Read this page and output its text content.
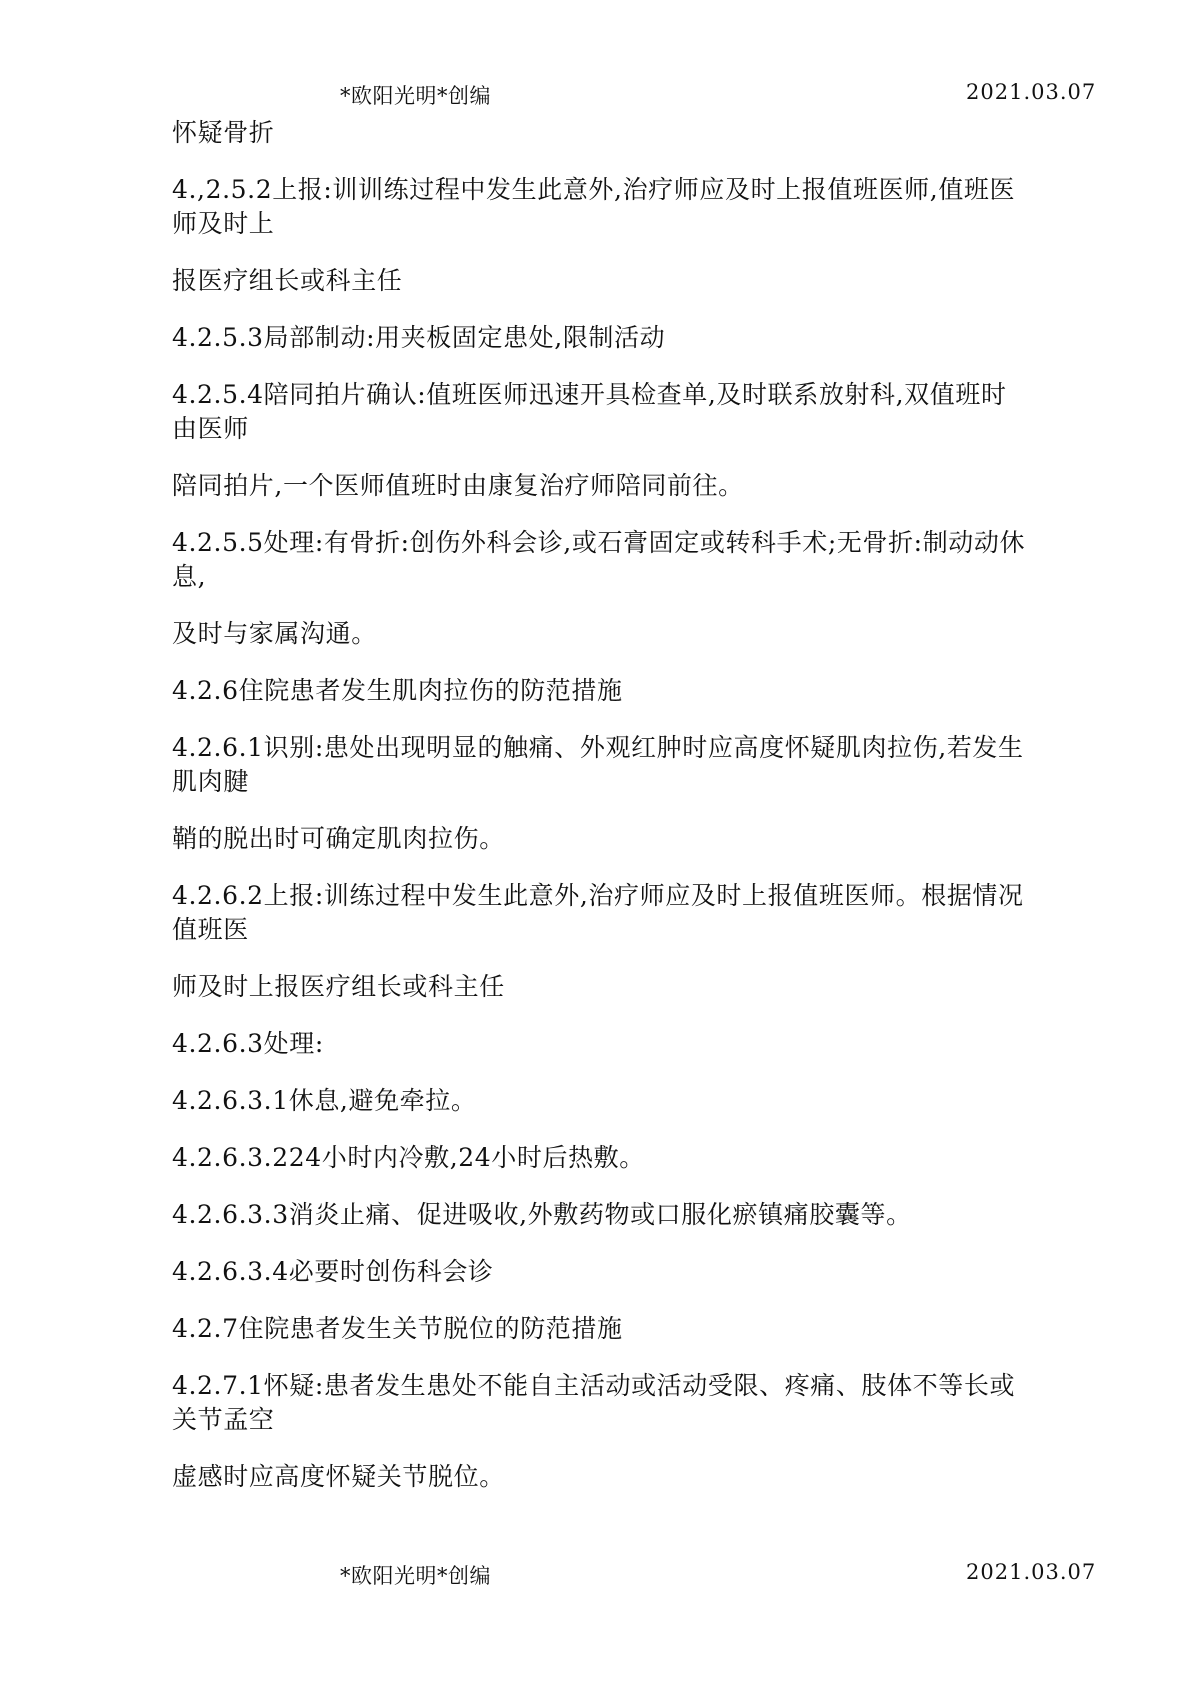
*欧阳光明*创编	2021.03.07

怀疑骨折

4.,2.5.2上报:训训练过程中发生此意外,治疗师应及时上报值班医师,值班医师及时上

报医疗组长或科主任

4.2.5.3局部制动:用夹板固定患处,限制活动

4.2.5.4陪同拍片确认:值班医师迅速开具检查单,及时联系放射科,双值班时由医师

陪同拍片,一个医师值班时由康复治疗师陪同前往。

4.2.5.5处理:有骨折:创伤外科会诊,或石膏固定或转科手术;无骨折:制动动休息,

及时与家属沟通。

4.2.6住院患者发生肌肉拉伤的防范措施

4.2.6.1识别:患处出现明显的触痛、外观红肿时应高度怀疑肌肉拉伤,若发生肌肉腱

鞘的脱出时可确定肌肉拉伤。

4.2.6.2上报:训练过程中发生此意外,治疗师应及时上报值班医师。根据情况值班医

师及时上报医疗组长或科主任

4.2.6.3处理:

4.2.6.3.1休息,避免牵拉。

4.2.6.3.224小时内冷敷,24小时后热敷。

4.2.6.3.3消炎止痛、促进吸收,外敷药物或口服化瘀镇痛胶囊等。

4.2.6.3.4必要时创伤科会诊

4.2.7住院患者发生关节脱位的防范措施

4.2.7.1怀疑:患者发生患处不能自主活动或活动受限、疼痛、肢体不等长或关节孟空

虚感时应高度怀疑关节脱位。

*欧阳光明*创编	2021.03.07
